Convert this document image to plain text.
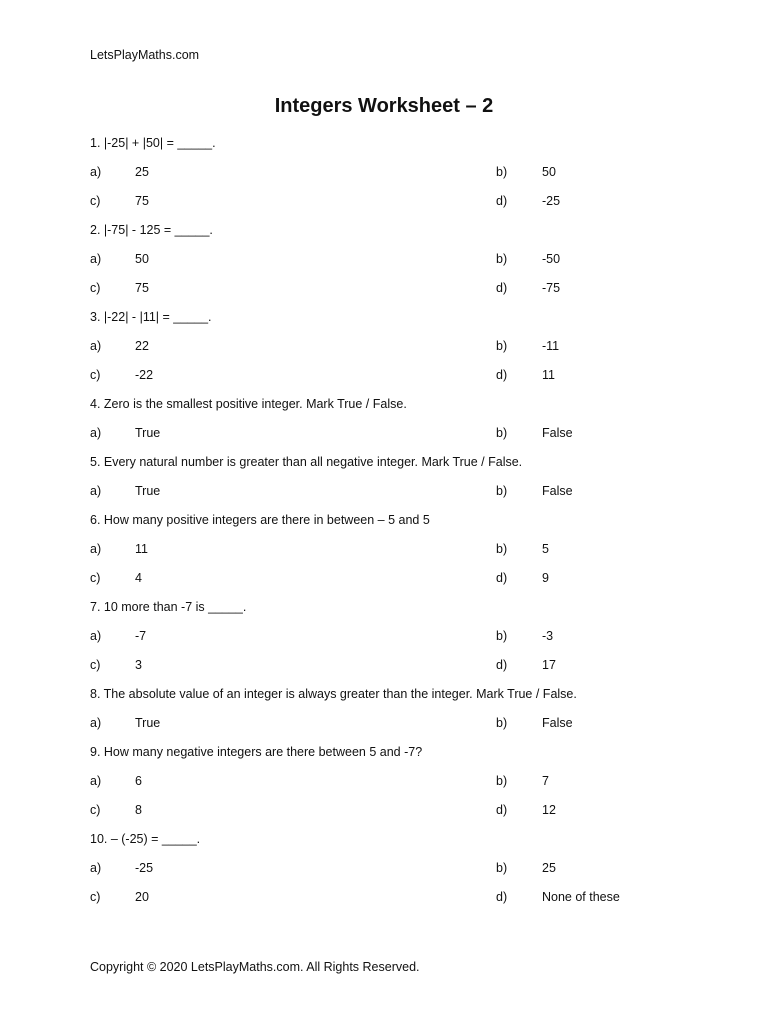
LetsPlayMaths.com
Integers Worksheet – 2
1. |-25| + |50| = _____.
a)	25	b)	50
c)	75	d)	-25
2. |-75| - 125 = _____.
a)	50	b)	-50
c)	75	d)	-75
3. |-22| - |11| = _____.
a)	22	b)	-11
c)	-22	d)	11
4. Zero is the smallest positive integer. Mark True / False.
a)	True	b)	False
5. Every natural number is greater than all negative integer. Mark True / False.
a)	True	b)	False
6. How many positive integers are there in between – 5 and 5
a)	11	b)	5
c)	4	d)	9
7. 10 more than -7 is _____.
a)	-7	b)	-3
c)	3	d)	17
8. The absolute value of an integer is always greater than the integer. Mark True / False.
a)	True	b)	False
9. How many negative integers are there between 5 and -7?
a)	6	b)	7
c)	8	d)	12
10. – (-25) = _____.
a)	-25	b)	25
c)	20	d)	None of these
Copyright © 2020 LetsPlayMaths.com. All Rights Reserved.
